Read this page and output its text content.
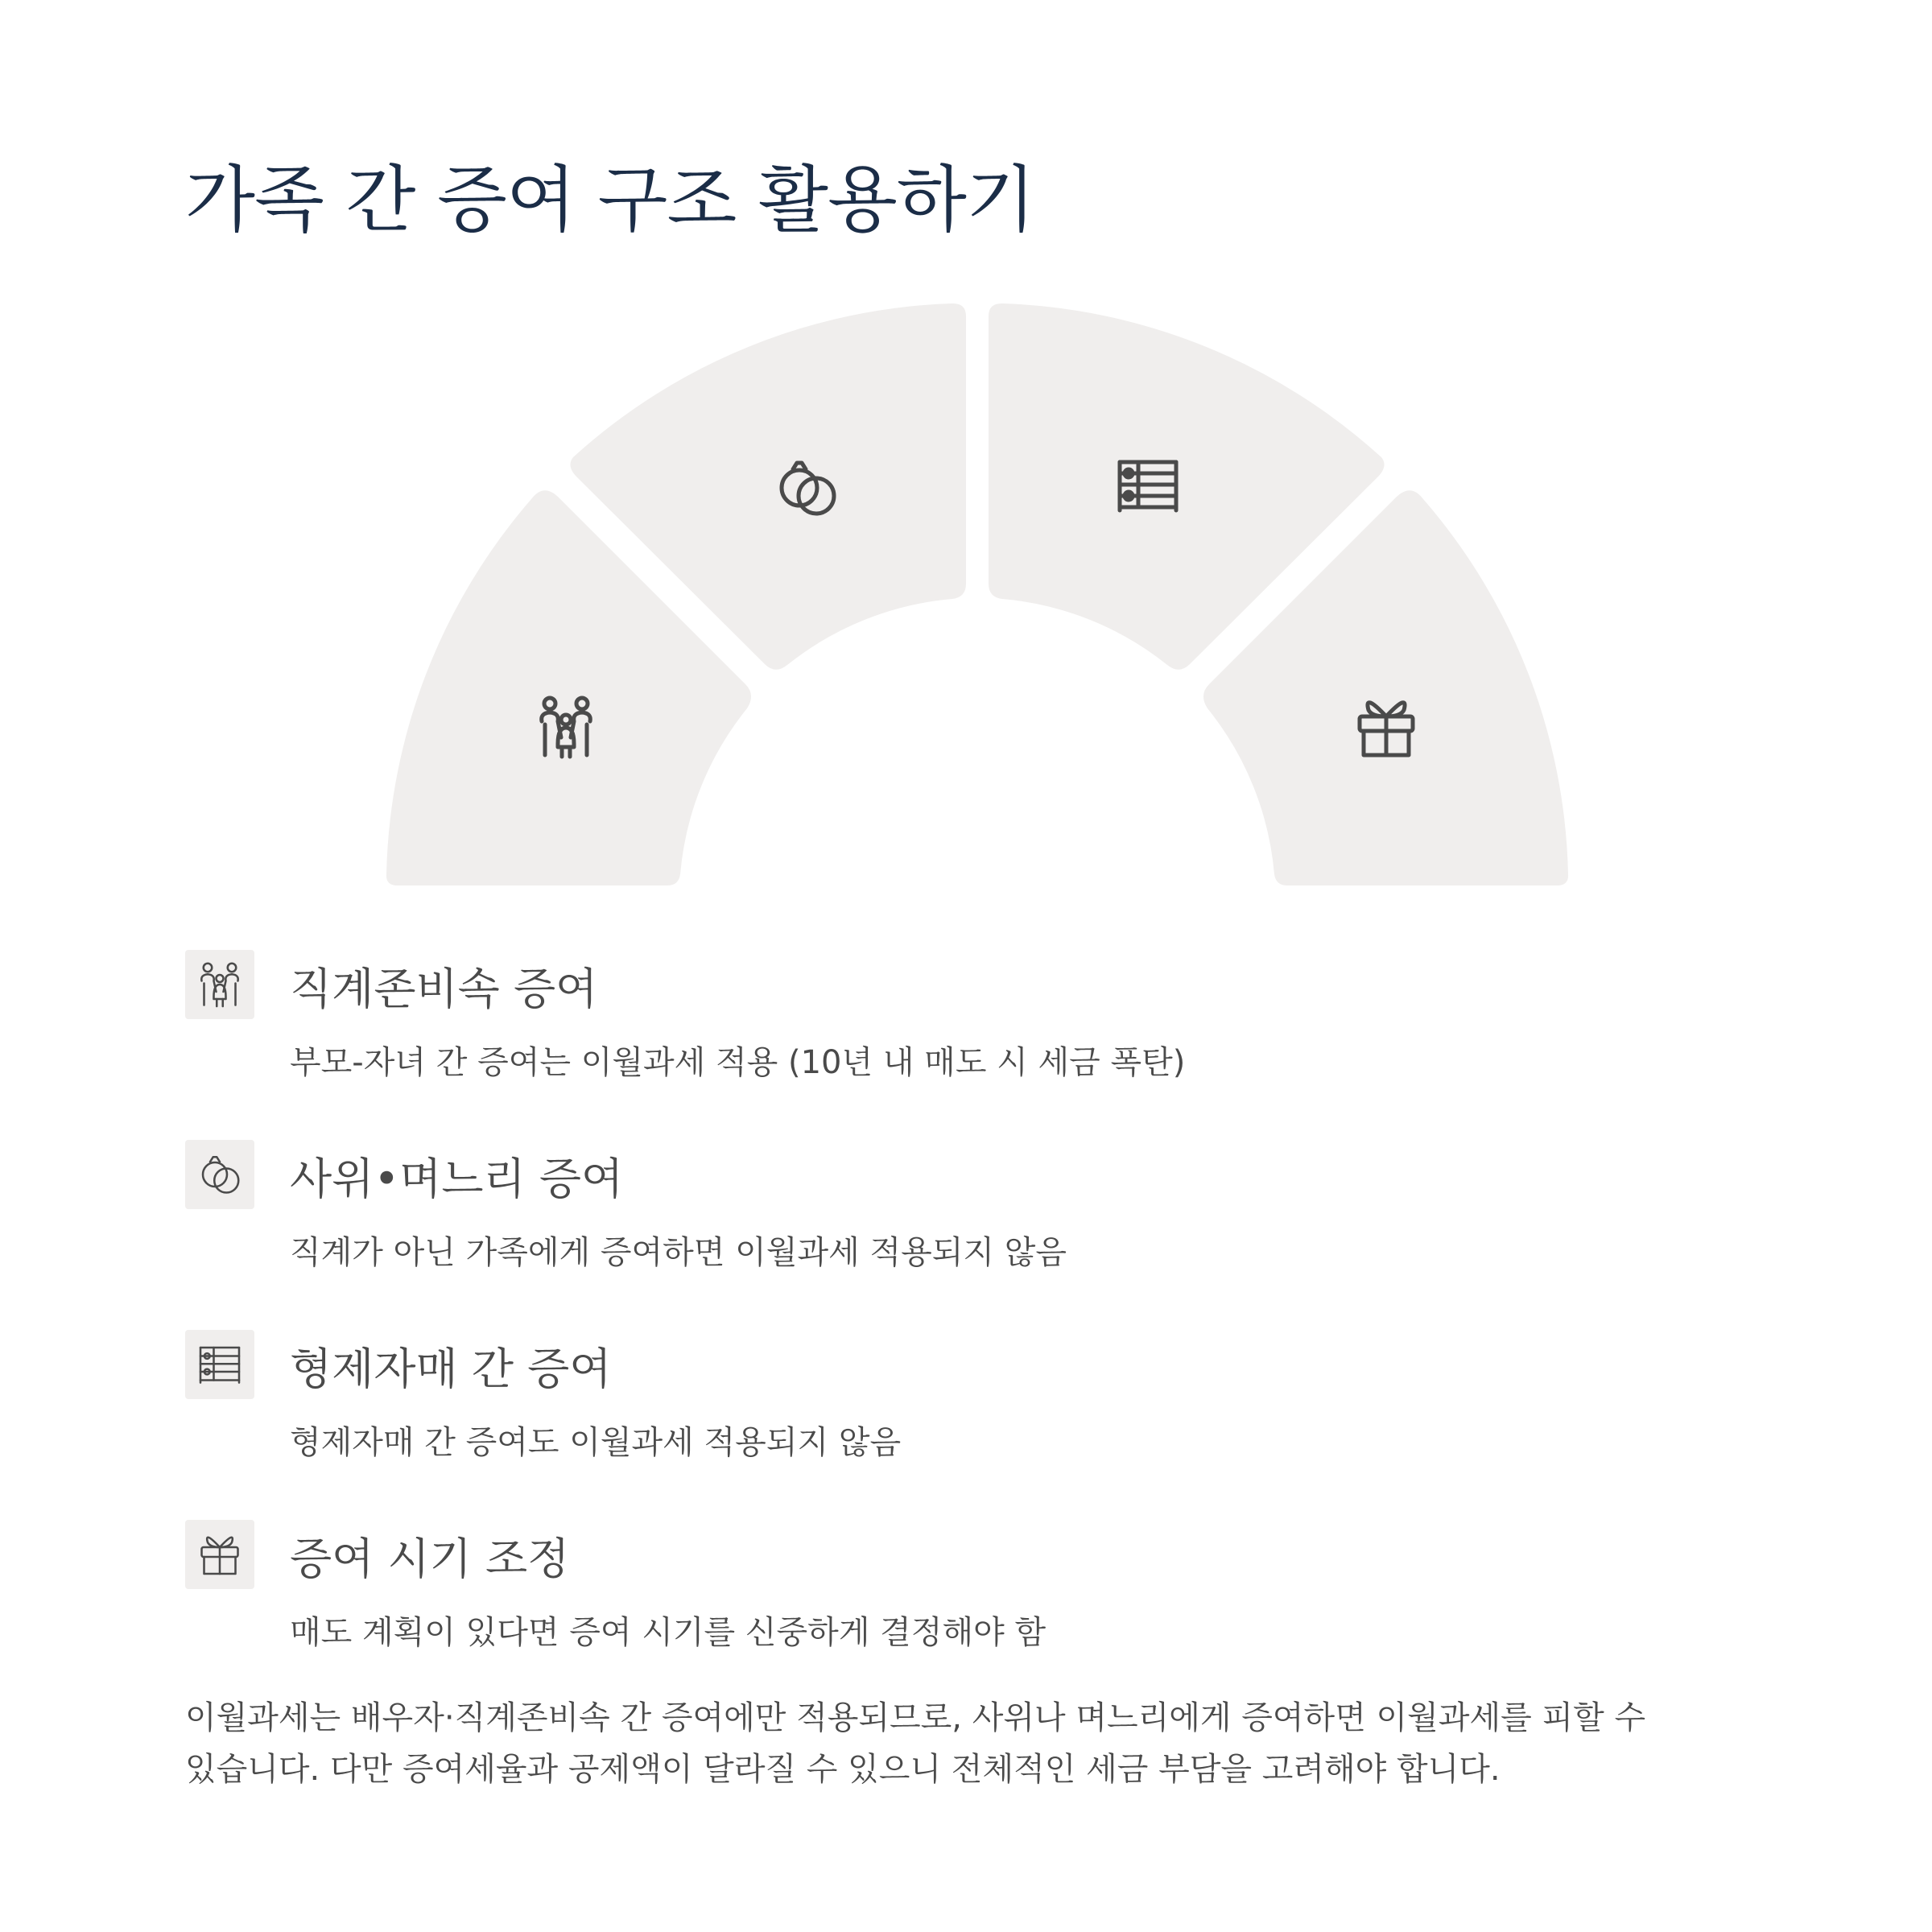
가족 간 증여 구조 활용하기
직계존비속 증여
부모-자녀 간 증여는 이월과세 적용 (10년 내 매도 시 세금 폭탄)
사위•며느리 증여
직계가 아닌 가족에게 증여하면 이월과세 적용되지 않음
형제자매 간 증여
형제자매 간 증여도 이월과세 적용되지 않음
증여 시기 조정
매도 계획이 있다면 증여 시기를 신중하게 결정해야 함
이월과세는 배우자·직계존비속 간 증여에만 적용되므로, 사위나 며느리에게 증여하면 이월과세를 피할 수 있습니다. 다만 증여세율과 공제액이 달라질 수 있으니 전체적인 세금 부담을 고려해야 합니다.
